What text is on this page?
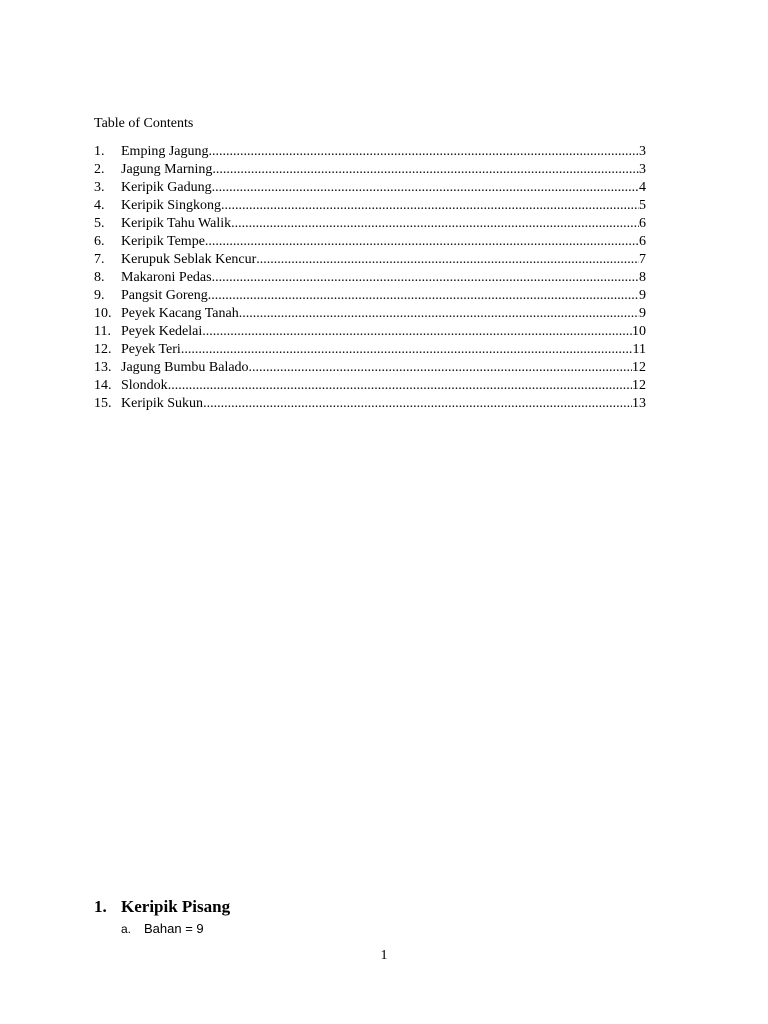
Table of Contents
1.	Emping Jagung .....	3
2.	Jagung Marning .....	3
3.	Keripik Gadung .....	4
4.	Keripik Singkong .....	5
5.	Keripik Tahu Walik .....	6
6.	Keripik Tempe .....	6
7.	Kerupuk Seblak Kencur .....	7
8.	Makaroni Pedas .....	8
9.	Pangsit Goreng .....	9
10. Peyek Kacang Tanah .....	9
11. Peyek Kedelai .....	10
12. Peyek Teri .....	11
13. Jagung Bumbu Balado .....	12
14. Slondok .....	12
15. Keripik Sukun .....	13
1. Keripik Pisang
a. Bahan = 9
1
